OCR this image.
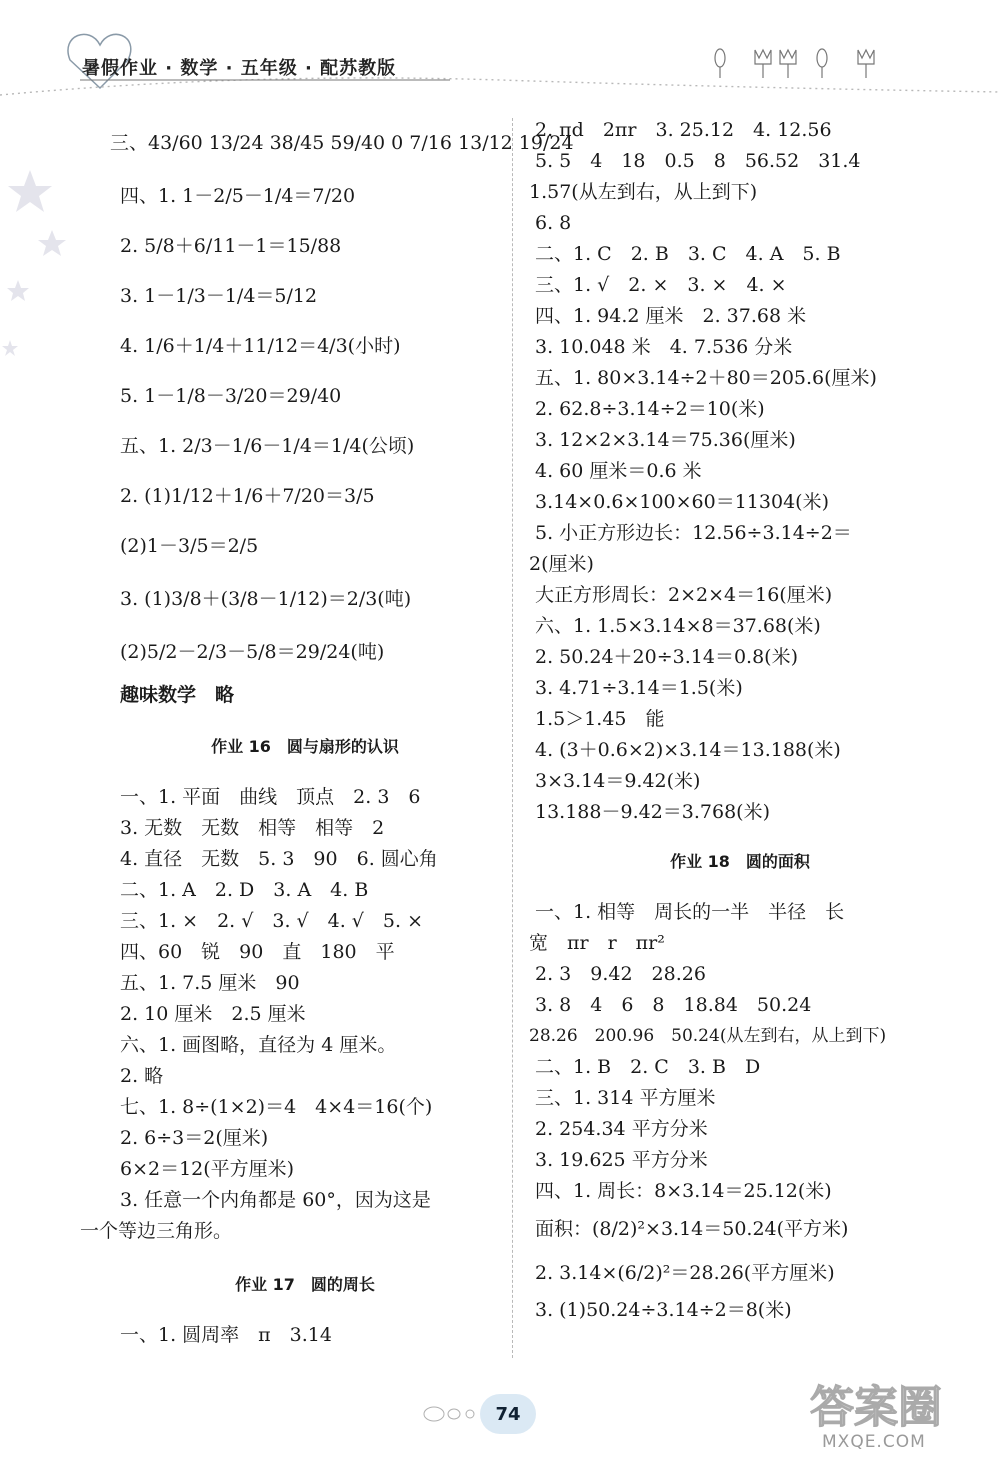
暑假作业 · 数学 · 五年级 · 配苏教版
三、43/60 13/24 38/45 59/40 0 7/16 13/12 19/24
四、1. 1－2/5－1/4＝7/20
2. 5/8＋6/11－1＝15/88
3. 1－1/3－1/4＝5/12
4. 1/6＋1/4＋11/12＝4/3(小时)
5. 1－1/8－3/20＝29/40
五、1. 2/3－1/6－1/4＝1/4(公顷)
2. (1)1/12＋1/6＋7/20＝3/5
(2)1－3/5＝2/5
3. (1)3/8＋(3/8－1/12)＝2/3(吨)
(2)5/2－2/3－5/8＝29/24(吨)
趣味数学　略
作业 16　圆与扇形的认识
一、1. 平面　曲线　顶点　2. 3　6
3. 无数　无数　相等　相等　2
4. 直径　无数　5. 3　90　6. 圆心角
二、1. A　2. D　3. A　4. B
三、1. ×　2. √　3. √　4. √　5. ×
四、60　锐　90　直　180　平
五、1. 7.5 厘米　90
2. 10 厘米　2.5 厘米
六、1. 画图略，直径为 4 厘米。
2. 略
七、1. 8÷(1×2)＝4　4×4＝16(个)
2. 6÷3＝2(厘米)
6×2＝12(平方厘米)
3. 任意一个内角都是 60°，因为这是
一个等边三角形。
作业 17　圆的周长
一、1. 圆周率　π　3.14
2. πd　2πr　3. 25.12　4. 12.56
5. 5　4　18　0.5　8　56.52　31.4
1.57(从左到右，从上到下)
6. 8
二、1. C　2. B　3. C　4. A　5. B
三、1. √　2. ×　3. ×　4. ×
四、1. 94.2 厘米　2. 37.68 米
3. 10.048 米　4. 7.536 分米
五、1. 80×3.14÷2＋80＝205.6(厘米)
2. 62.8÷3.14÷2＝10(米)
3. 12×2×3.14＝75.36(厘米)
4. 60 厘米＝0.6 米
3.14×0.6×100×60＝11304(米)
5. 小正方形边长：12.56÷3.14÷2＝
2(厘米)
大正方形周长：2×2×4＝16(厘米)
六、1. 1.5×3.14×8＝37.68(米)
2. 50.24＋20÷3.14＝0.8(米)
3. 4.71÷3.14＝1.5(米)
1.5＞1.45　能
4. (3＋0.6×2)×3.14＝13.188(米)
3×3.14＝9.42(米)
13.188－9.42＝3.768(米)
作业 18　圆的面积
一、1. 相等　周长的一半　半径　长
宽　πr　r　πr²
2. 3　9.42　28.26
3. 8　4　6　8　18.84　50.24
28.26　200.96　50.24(从左到右，从上到下)
二、1. B　2. C　3. B　D
三、1. 314 平方厘米
2. 254.34 平方分米
3. 19.625 平方分米
四、1. 周长：8×3.14＝25.12(米)
面积：(8/2)²×3.14＝50.24(平方米)
2. 3.14×(6/2)²＝28.26(平方厘米)
3. (1)50.24÷3.14÷2＝8(米)
74	答案圈
MXQE.COM
